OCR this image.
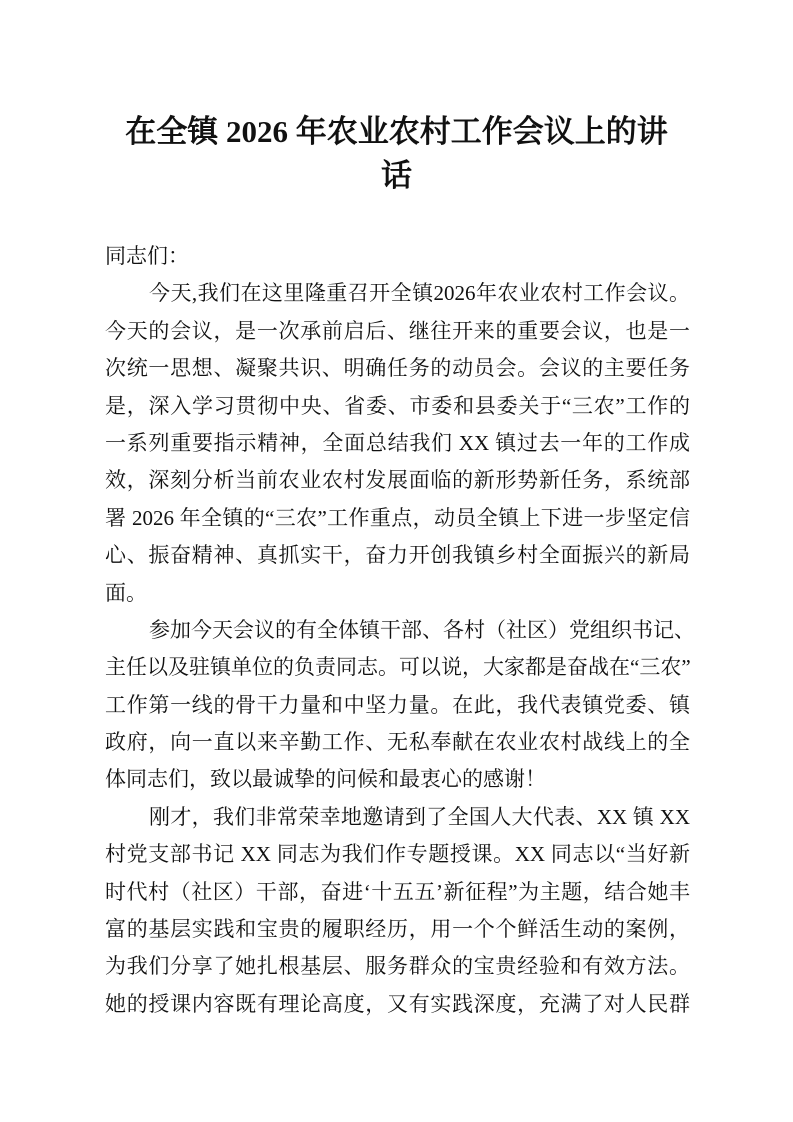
在全镇 2026 年农业农村工作会议上的讲
话
同志们：
今天,我们在这里隆重召开全镇2026年农业农村工作会议。
今天的会议，是一次承前启后、继往开来的重要会议，也是一
次统一思想、凝聚共识、明确任务的动员会。会议的主要任务
是，深入学习贯彻中央、省委、市委和县委关于“三农”工作的
一系列重要指示精神，全面总结我们 XX 镇过去一年的工作成
效，深刻分析当前农业农村发展面临的新形势新任务，系统部
署 2026 年全镇的“三农”工作重点，动员全镇上下进一步坚定信
心、振奋精神、真抓实干，奋力开创我镇乡村全面振兴的新局
面。
参加今天会议的有全体镇干部、各村（社区）党组织书记、
主任以及驻镇单位的负责同志。可以说，大家都是奋战在“三农”
工作第一线的骨干力量和中坚力量。在此，我代表镇党委、镇
政府，向一直以来辛勤工作、无私奉献在农业农村战线上的全
体同志们，致以最诚挚的问候和最衷心的感谢！
刚才，我们非常荣幸地邀请到了全国人大代表、XX 镇 XX
村党支部书记 XX 同志为我们作专题授课。XX 同志以“当好新
时代村（社区）干部，奋进‘十五五’新征程”为主题，结合她丰
富的基层实践和宝贵的履职经历，用一个个鲜活生动的案例，
为我们分享了她扎根基层、服务群众的宝贵经验和有效方法。
她的授课内容既有理论高度，又有实践深度，充满了对人民群
